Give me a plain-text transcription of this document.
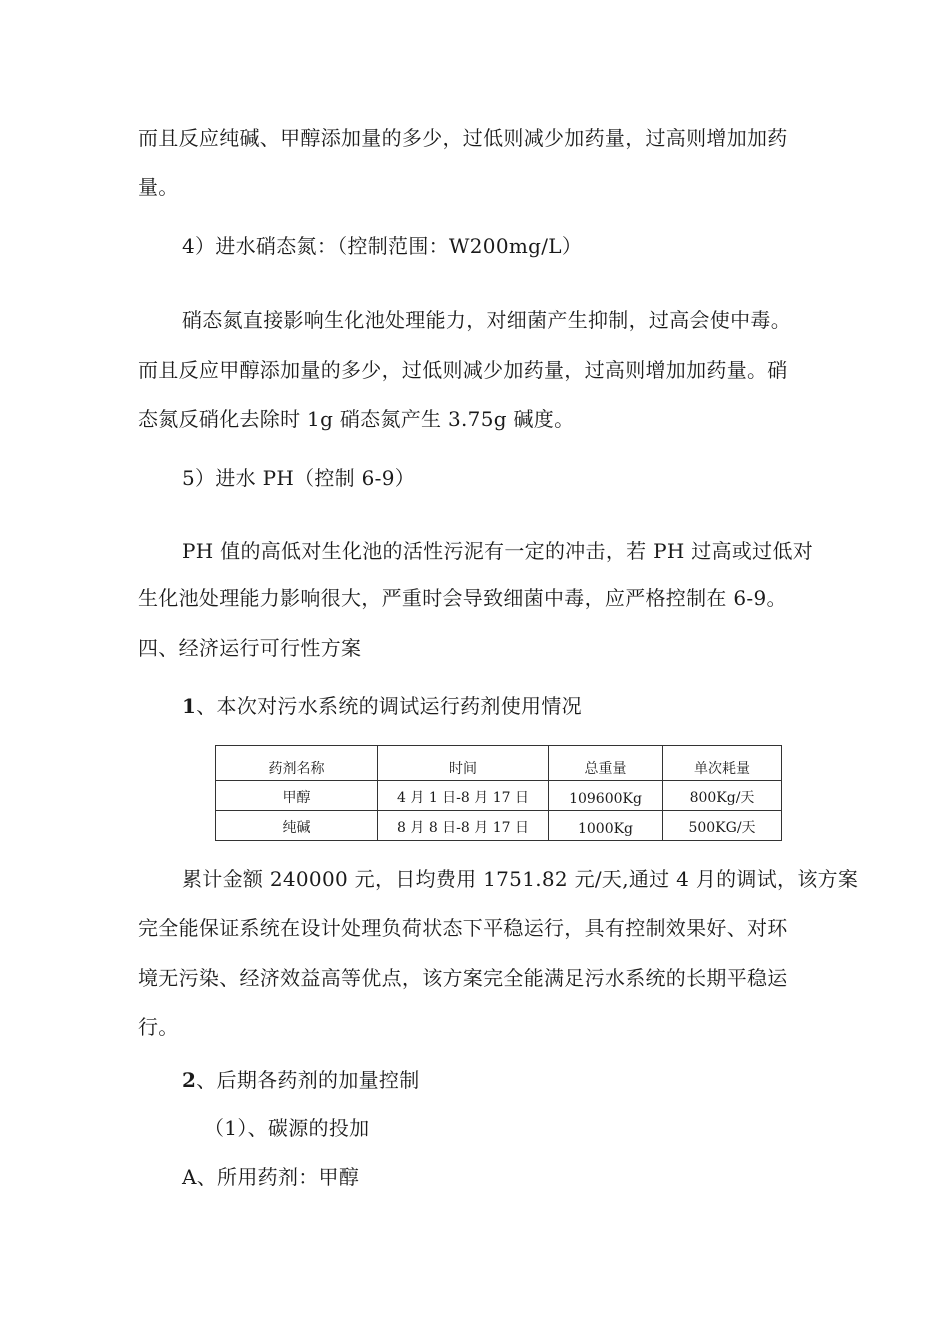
而且反应纯碱、甲醇添加量的多少，过低则减少加药量，过高则增加加药
量。
4）进水硝态氮：（控制范围：W200mg/L）
硝态氮直接影响生化池处理能力，对细菌产生抑制，过高会使中毒。
而且反应甲醇添加量的多少，过低则减少加药量，过高则增加加药量。硝
态氮反硝化去除时 1g 硝态氮产生 3.75g 碱度。
5）进水 PH（控制 6-9）
PH 值的高低对生化池的活性污泥有一定的冲击，若 PH 过高或过低对
生化池处理能力影响很大，严重时会导致细菌中毒，应严格控制在 6-9。
四、经济运行可行性方案
1、本次对污水系统的调试运行药剂使用情况
药剂名称	时间	总重量	单次耗量
甲醇	4 月 1 日-8 月 17 日	109600Kg	800Kg/天
纯碱	8 月 8 日-8 月 17 日	1000Kg	500KG/天
累计金额 240000 元，日均费用 1751.82 元/天,通过 4 月的调试，该方案
完全能保证系统在设计处理负荷状态下平稳运行，具有控制效果好、对环
境无污染、经济效益高等优点，该方案完全能满足污水系统的长期平稳运
行。
2、后期各药剂的加量控制
（1）、碳源的投加
A、所用药剂：甲醇
